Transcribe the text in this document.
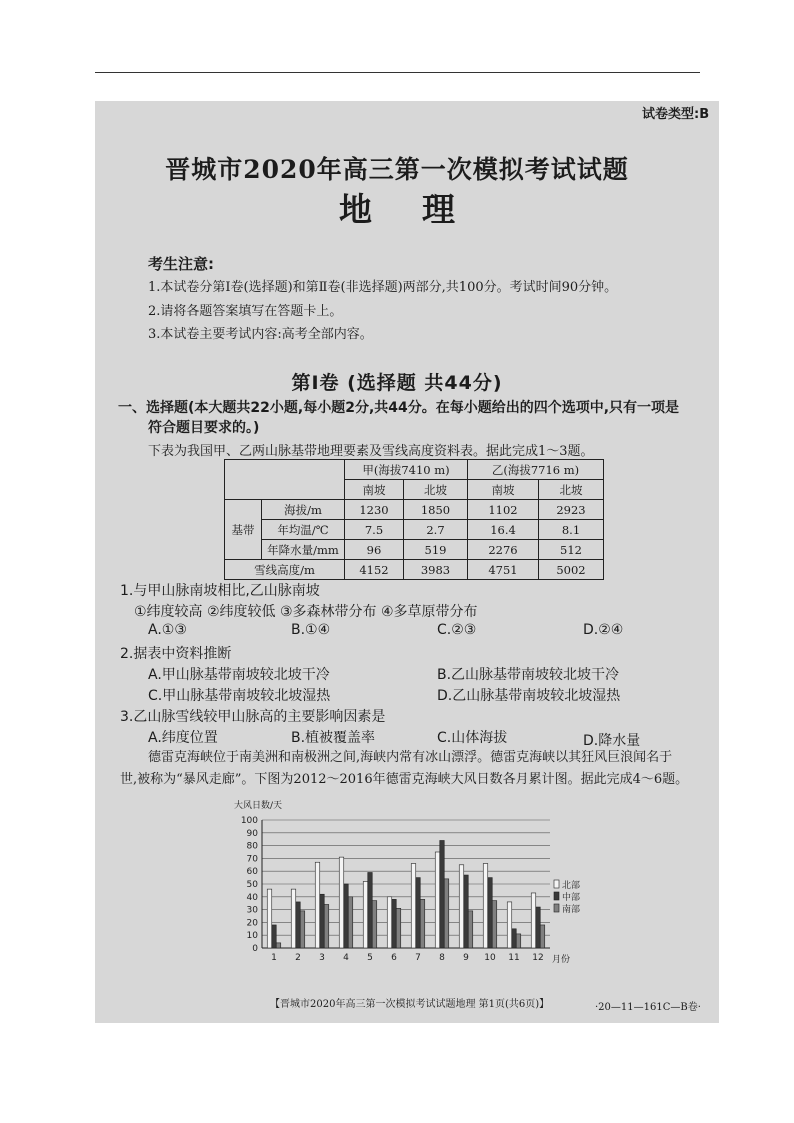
试卷类型:B
晋城市2020年高三第一次模拟考试试题
地理
考生注意:
1.本试卷分第Ⅰ卷(选择题)和第Ⅱ卷(非选择题)两部分,共100分。考试时间90分钟。
2.请将各题答案填写在答题卡上。
3.本试卷主要考试内容:高考全部内容。
第Ⅰ卷 (选择题 共44分)
一、选择题(本大题共22小题,每小题2分,共44分。在每小题给出的四个选项中,只有一项是
符合题目要求的。)
下表为我国甲、乙两山脉基带地理要素及雪线高度资料表。据此完成1～3题。
		甲(海拔7410 m)		乙(海拔7716 m)	
		南坡	北坡	南坡	北坡
基带	海拔/m	1230	1850	1102	2923
	年均温/℃	7.5	2.7	16.4	8.1
	年降水量/mm	96	519	2276	512
雪线高度/m		4152	3983	4751	5002
1.与甲山脉南坡相比,乙山脉南坡
①纬度较高 ②纬度较低 ③多森林带分布 ④多草原带分布
A.①③	B.①④	C.②③	D.②④
2.据表中资料推断
A.甲山脉基带南坡较北坡干冷	B.乙山脉基带南坡较北坡干冷
C.甲山脉基带南坡较北坡湿热	D.乙山脉基带南坡较北坡湿热
3.乙山脉雪线较甲山脉高的主要影响因素是
A.纬度位置	B.植被覆盖率	C.山体海拔	D.降水量
德雷克海峡位于南美洲和南极洲之间,海峡内常有冰山漂浮。德雷克海峡以其狂风巨浪闻名于
世,被称为“暴风走廊”。下图为2012～2016年德雷克海峡大风日数各月累计图。据此完成4～6题。
0
10
20
30
40
50
60
70
80
90
100
大风日数/天
1 2 3 4 5 6 7 8 9 10 11 12 月份
北部
中部
南部
【晋城市2020年高三第一次模拟考试试题地理 第1页(共6页)】	·20—11—161C—B卷·
